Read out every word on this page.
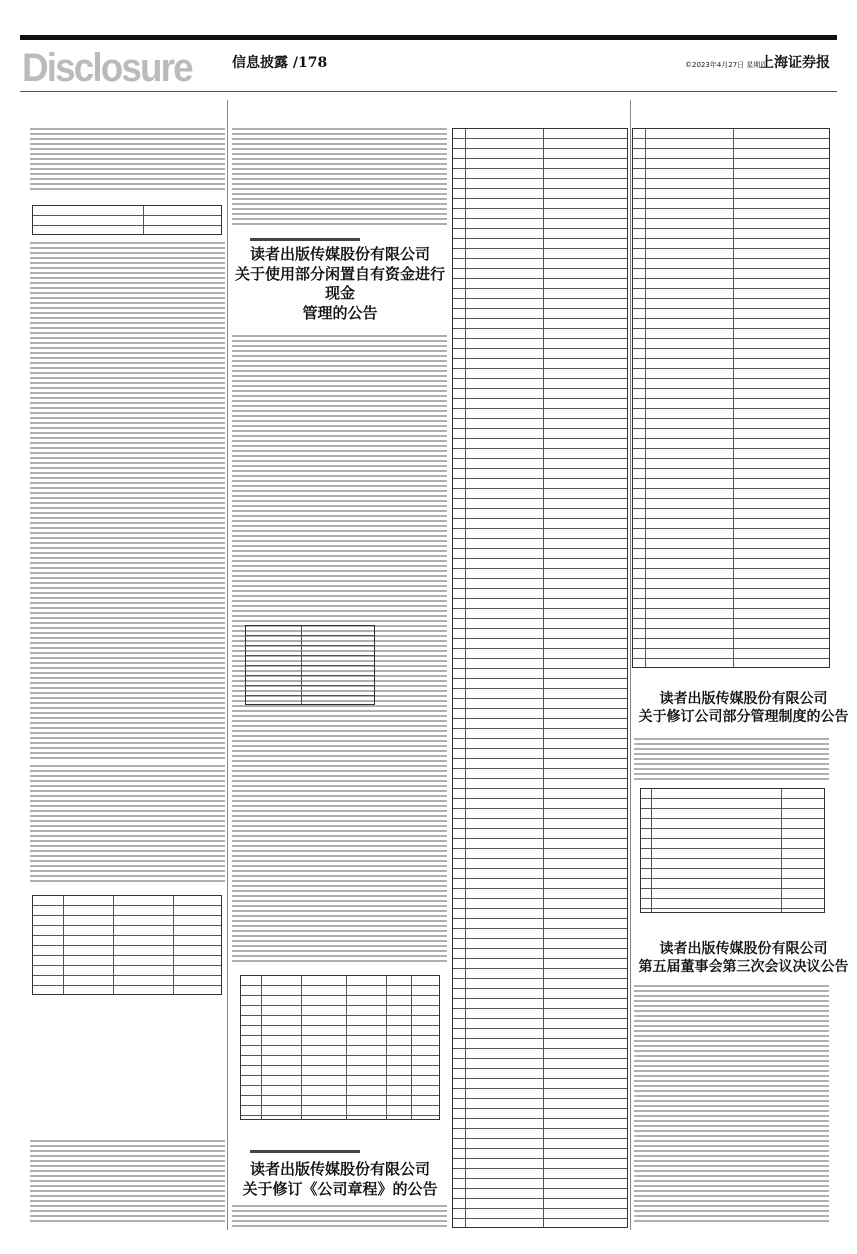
Disclosure	信息披露 /178	©2023年4月27日 星期四
上海证券报
读者出版传媒股份有限公司
关于使用部分闲置自有资金进行现金
管理的公告
读者出版传媒股份有限公司
关于修订《公司章程》的公告
读者出版传媒股份有限公司
关于修订公司部分管理制度的公告
读者出版传媒股份有限公司
第五届董事会第三次会议决议公告
